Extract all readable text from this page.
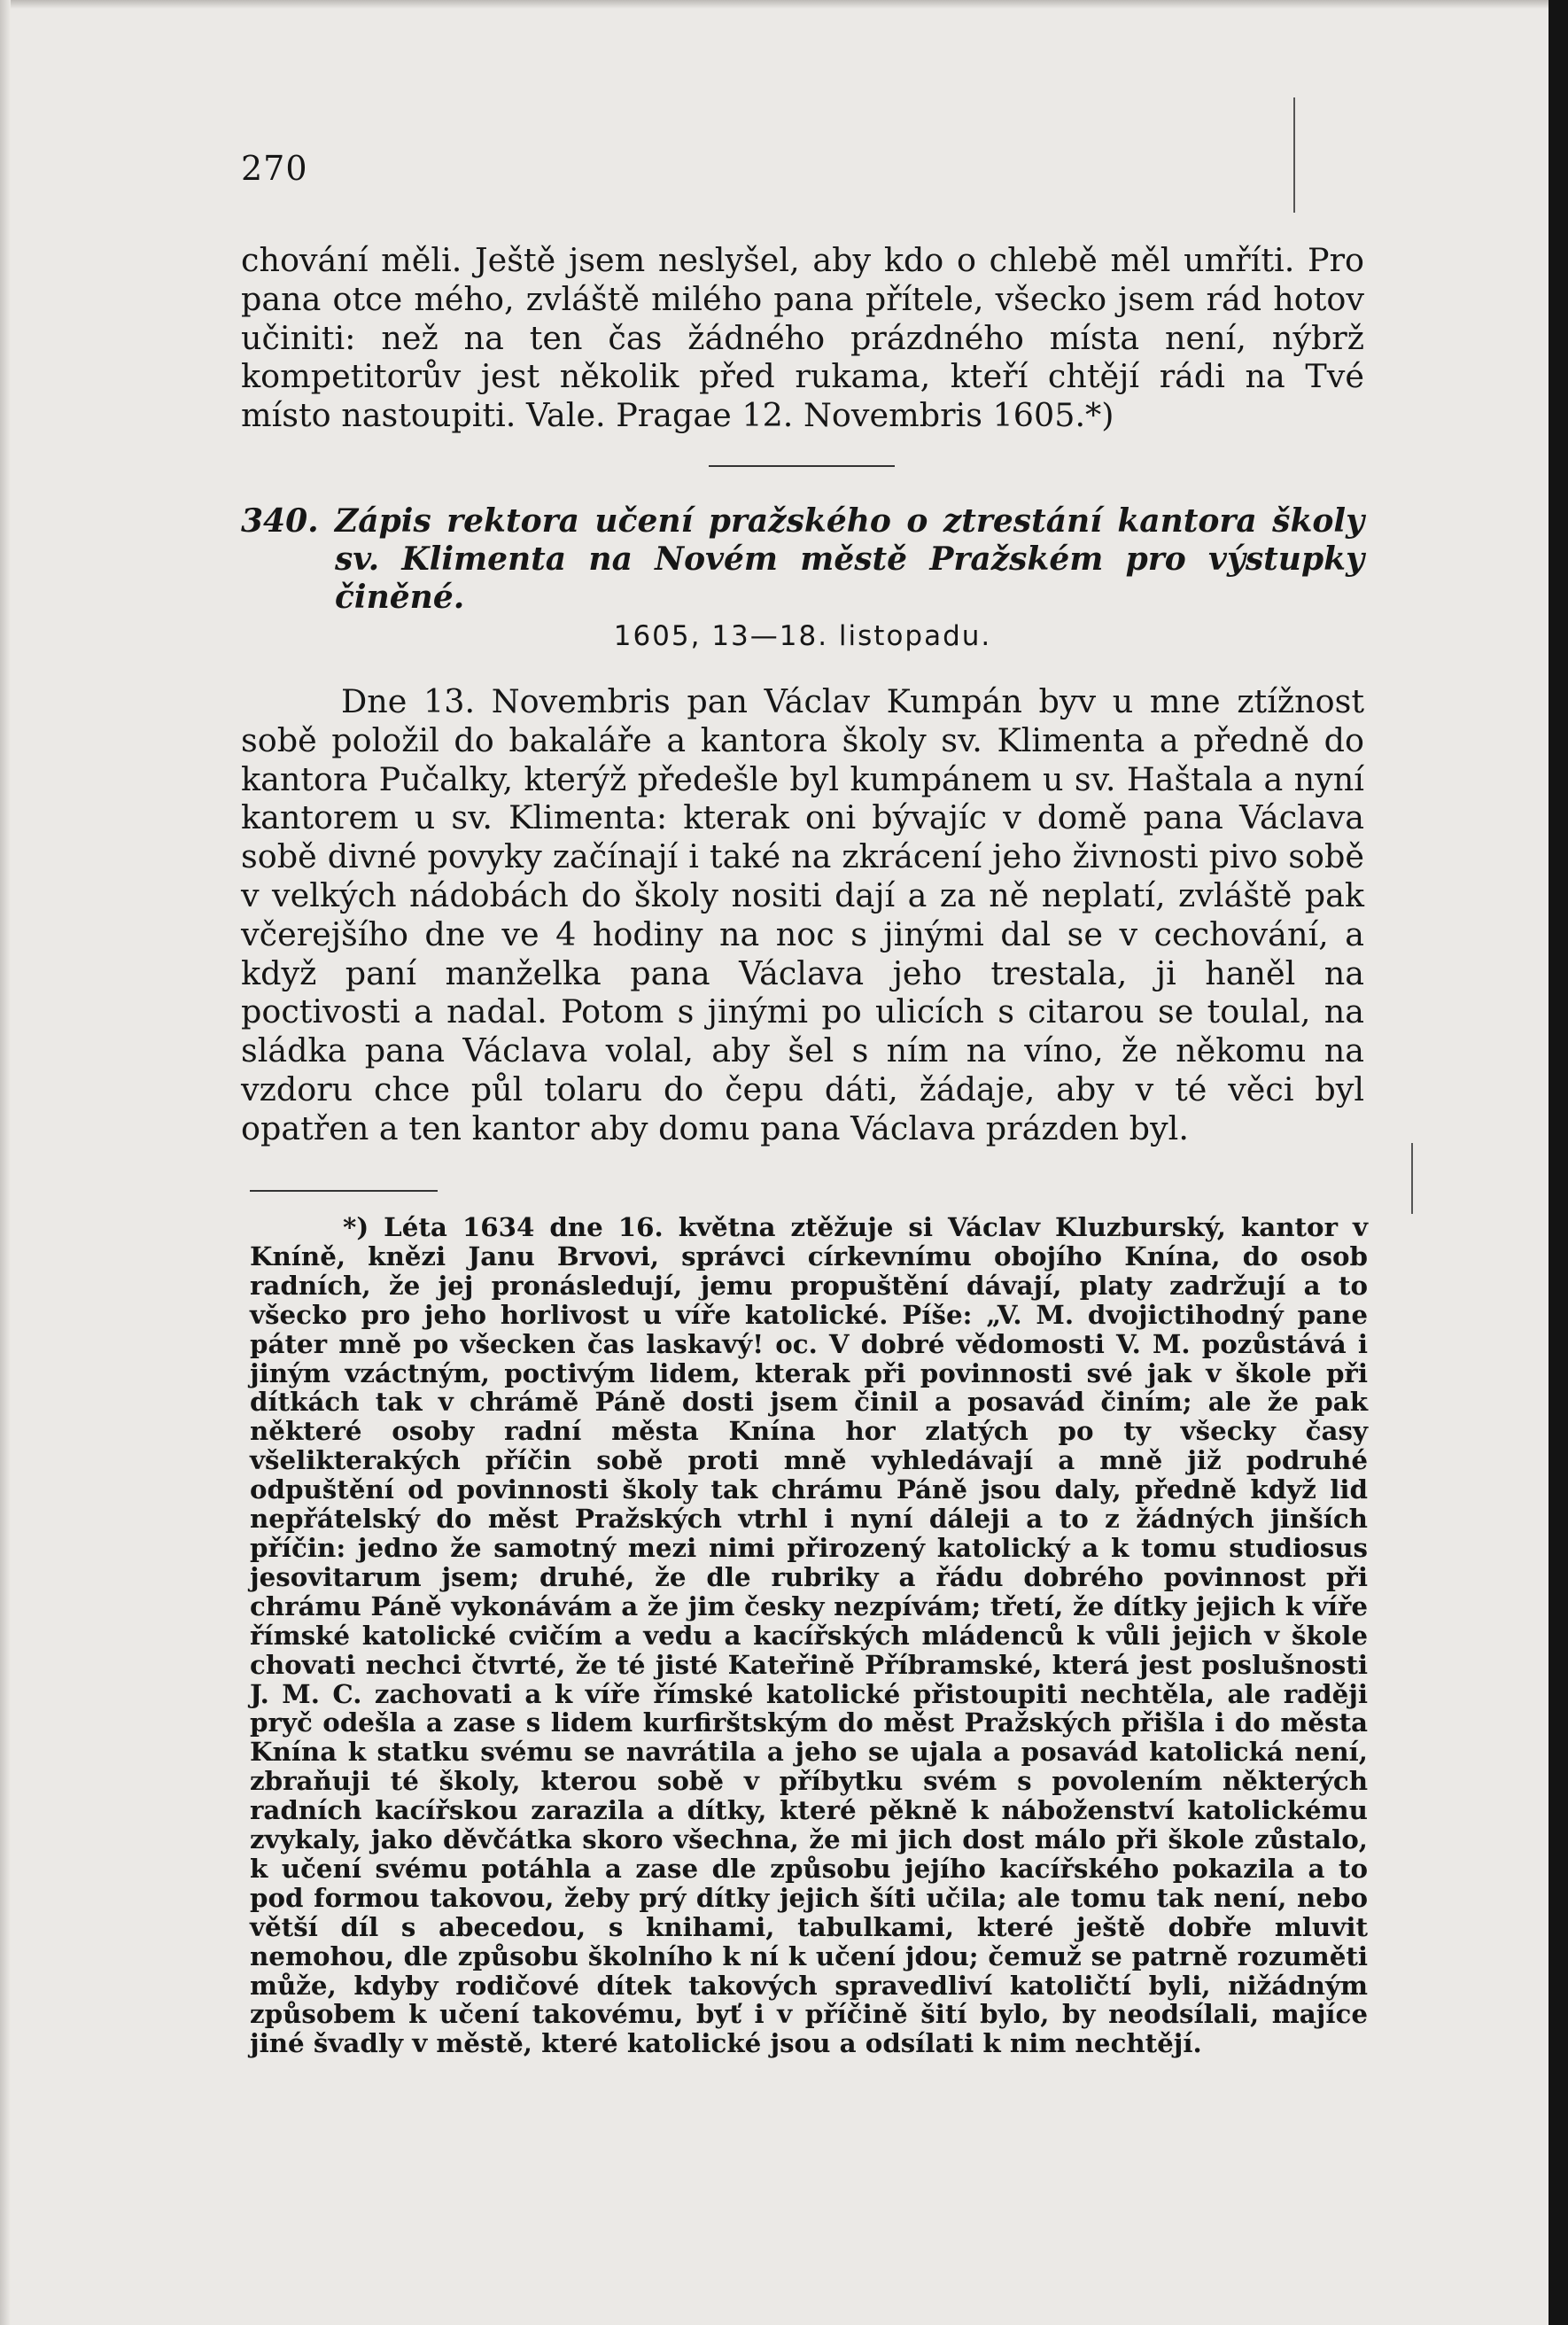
270
chování měli. Ještě jsem neslyšel, aby kdo o chlebě měl umříti. Pro pana otce mého, zvláště milého pana přítele, všecko jsem rád hotov učiniti: než na ten čas žádného prázdného místa není, nýbrž kompetitorův jest několik před rukama, kteří chtějí rádi na Tvé místo nastoupiti. Vale. Pragae 12. Novembris 1605.*)
340. Zápis rektora učení pražského o ztrestání kantora školy sv. Klimenta na Novém městě Pražském pro výstupky činěné.
1605, 13—18. listopadu.
Dne 13. Novembris pan Václav Kumpán byv u mne ztížnost sobě položil do bakaláře a kantora školy sv. Klimenta a předně do kantora Pučalky, kterýž předešle byl kumpánem u sv. Haštala a nyní kantorem u sv. Klimenta: kterak oni bývajíc v domě pana Václava sobě divné povyky začínají i také na zkrácení jeho živnosti pivo sobě v velkých nádobách do školy nositi dají a za ně neplatí, zvláště pak včerejšího dne ve 4 hodiny na noc s jinými dal se v cechování, a když paní manželka pana Václava jeho trestala, ji haněl na poctivosti a nadal. Potom s jinými po ulicích s citarou se toulal, na sládka pana Václava volal, aby šel s ním na víno, že někomu na vzdoru chce půl tolaru do čepu dáti, žádaje, aby v té věci byl opatřen a ten kantor aby domu pana Václava prázden byl.
*) Léta 1634 dne 16. května ztěžuje si Václav Kluzburský, kantor v Kníně, knězi Janu Brvovi, správci církevnímu obojího Knína, do osob radních, že jej pronásledují, jemu propuštění dávají, platy zadržují a to všecko pro jeho horlivost u víře katolické. Píše: „V. M. dvojictihodný pane páter mně po všecken čas laskavý! oc. V dobré vědomosti V. M. pozůstává i jiným vzáctným, poctivým lidem, kterak při povinnosti své jak v škole při dítkách tak v chrámě Páně dosti jsem činil a posavád činím; ale že pak některé osoby radní města Knína hor zlatých po ty všecky časy všelikterakých příčin sobě proti mně vyhledávají a mně již podruhé odpuštění od povinnosti školy tak chrámu Páně jsou daly, předně když lid nepřátelský do měst Pražských vtrhl i nyní dáleji a to z žádných jinších příčin: jedno že samotný mezi nimi přirozený katolický a k tomu studiosus jesovitarum jsem; druhé, že dle rubriky a řádu dobrého povinnost při chrámu Páně vykonávám a že jim česky nezpívám; třetí, že dítky jejich k víře římské katolické cvičím a vedu a kacířských mládenců k vůli jejich v škole chovati nechci čtvrté, že té jisté Kateřině Příbramské, která jest poslušnosti J. M. C. zachovati a k víře římské katolické přistoupiti nechtěla, ale raději pryč odešla a zase s lidem kurfirštským do měst Pražských přišla i do města Knína k statku svému se navrátila a jeho se ujala a posavád katolická není, zbraňuji té školy, kterou sobě v příbytku svém s povolením některých radních kacířskou zarazila a dítky, které pěkně k náboženství katolickému zvykaly, jako děvčátka skoro všechna, že mi jich dost málo při škole zůstalo, k učení svému potáhla a zase dle způsobu jejího kacířského pokazila a to pod formou takovou, žeby prý dítky jejich šíti učila; ale tomu tak není, nebo větší díl s abecedou, s knihami, tabulkami, které ještě dobře mluvit nemohou, dle způsobu školního k ní k učení jdou; čemuž se patrně rozuměti může, kdyby rodičové dítek takových spravedliví katoličtí byli, nižádným způsobem k učení takovému, byť i v příčině šití bylo, by neodsílali, majíce jiné švadly v městě, které katolické jsou a odsílati k nim nechtějí.
